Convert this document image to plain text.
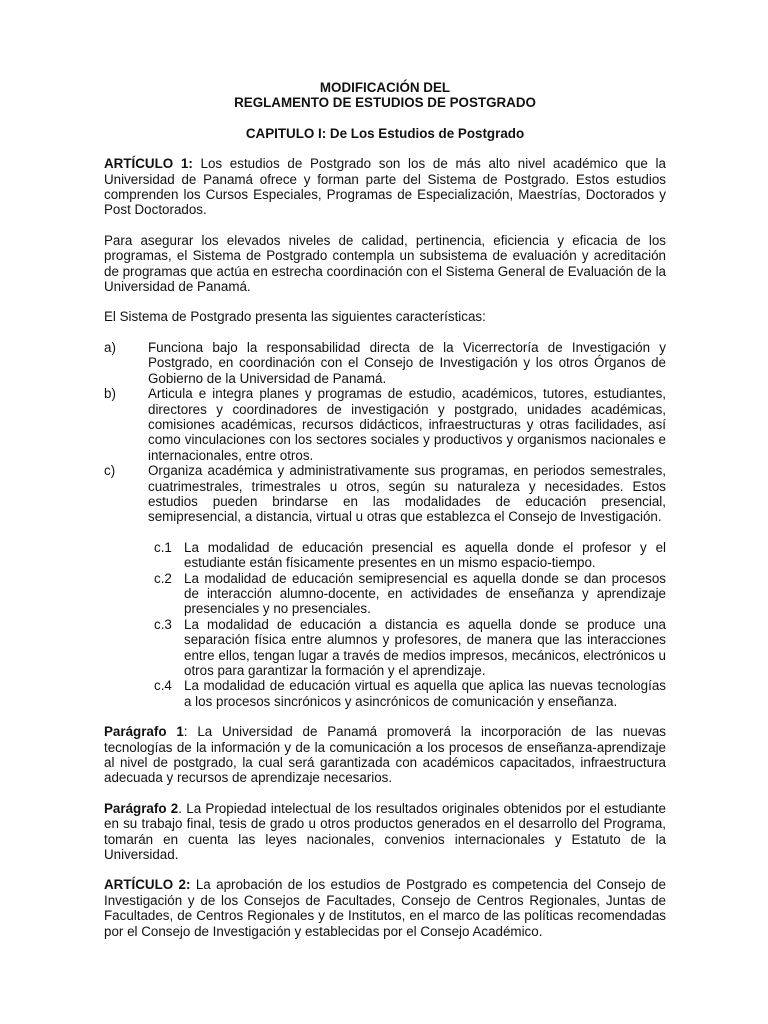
MODIFICACIÓN DEL
REGLAMENTO DE ESTUDIOS DE POSTGRADO
CAPITULO I: De Los Estudios de Postgrado

ARTÍCULO 1: Los estudios de Postgrado son los de más alto nivel académico que la Universidad de Panamá ofrece y forman parte del Sistema de Postgrado. Estos estudios comprenden los Cursos Especiales, Programas de Especialización, Maestrías, Doctorados y Post Doctorados.

Para asegurar los elevados niveles de calidad, pertinencia, eficiencia y eficacia de los programas, el Sistema de Postgrado contempla un subsistema de evaluación y acreditación de programas que actúa en estrecha coordinación con el Sistema General de Evaluación de la Universidad de Panamá.

El Sistema de Postgrado presenta las siguientes características:

a)	Funciona bajo la responsabilidad directa de la Vicerrectoría de Investigación y Postgrado, en coordinación con el Consejo de Investigación y los otros Órganos de Gobierno de la Universidad de Panamá.
b)	Articula e integra planes y programas de estudio, académicos, tutores, estudiantes, directores y coordinadores de investigación y postgrado, unidades académicas, comisiones académicas, recursos didácticos, infraestructuras y otras facilidades, así como vinculaciones con los sectores sociales y productivos y organismos nacionales e internacionales, entre otros.
c)	Organiza académica y administrativamente sus programas, en periodos semestrales, cuatrimestrales, trimestrales u otros, según su naturaleza y necesidades. Estos estudios pueden brindarse en las modalidades de educación presencial, semipresencial, a distancia, virtual u otras que establezca el Consejo de Investigación.
c.1 La modalidad de educación presencial es aquella donde el profesor y el estudiante están físicamente presentes en un mismo espacio-tiempo.
c.2 La modalidad de educación semipresencial es aquella donde se dan procesos de interacción alumno-docente, en actividades de enseñanza y aprendizaje presenciales y no presenciales.
c.3 La modalidad de educación a distancia es aquella donde se produce una separación física entre alumnos y profesores, de manera que las interacciones entre ellos, tengan lugar a través de medios impresos, mecánicos, electrónicos u otros para garantizar la formación y el aprendizaje.
c.4 La modalidad de educación virtual es aquella que aplica las nuevas tecnologías a los procesos sincrónicos y asincrónicos de comunicación y enseñanza.

Parágrafo 1: La Universidad de Panamá promoverá la incorporación de las nuevas tecnologías de la información y de la comunicación a los procesos de enseñanza-aprendizaje al nivel de postgrado, la cual será garantizada con académicos capacitados, infraestructura adecuada y recursos de aprendizaje necesarios.

Parágrafo 2. La Propiedad intelectual de los resultados originales obtenidos por el estudiante en su trabajo final, tesis de grado u otros productos generados en el desarrollo del Programa, tomarán en cuenta las leyes nacionales, convenios internacionales y Estatuto de la Universidad.

ARTÍCULO 2: La aprobación de los estudios de Postgrado es competencia del Consejo de Investigación y de los Consejos de Facultades, Consejo de Centros Regionales, Juntas de Facultades, de Centros Regionales y de Institutos, en el marco de las políticas recomendadas por el Consejo de Investigación y establecidas por el Consejo Académico.
